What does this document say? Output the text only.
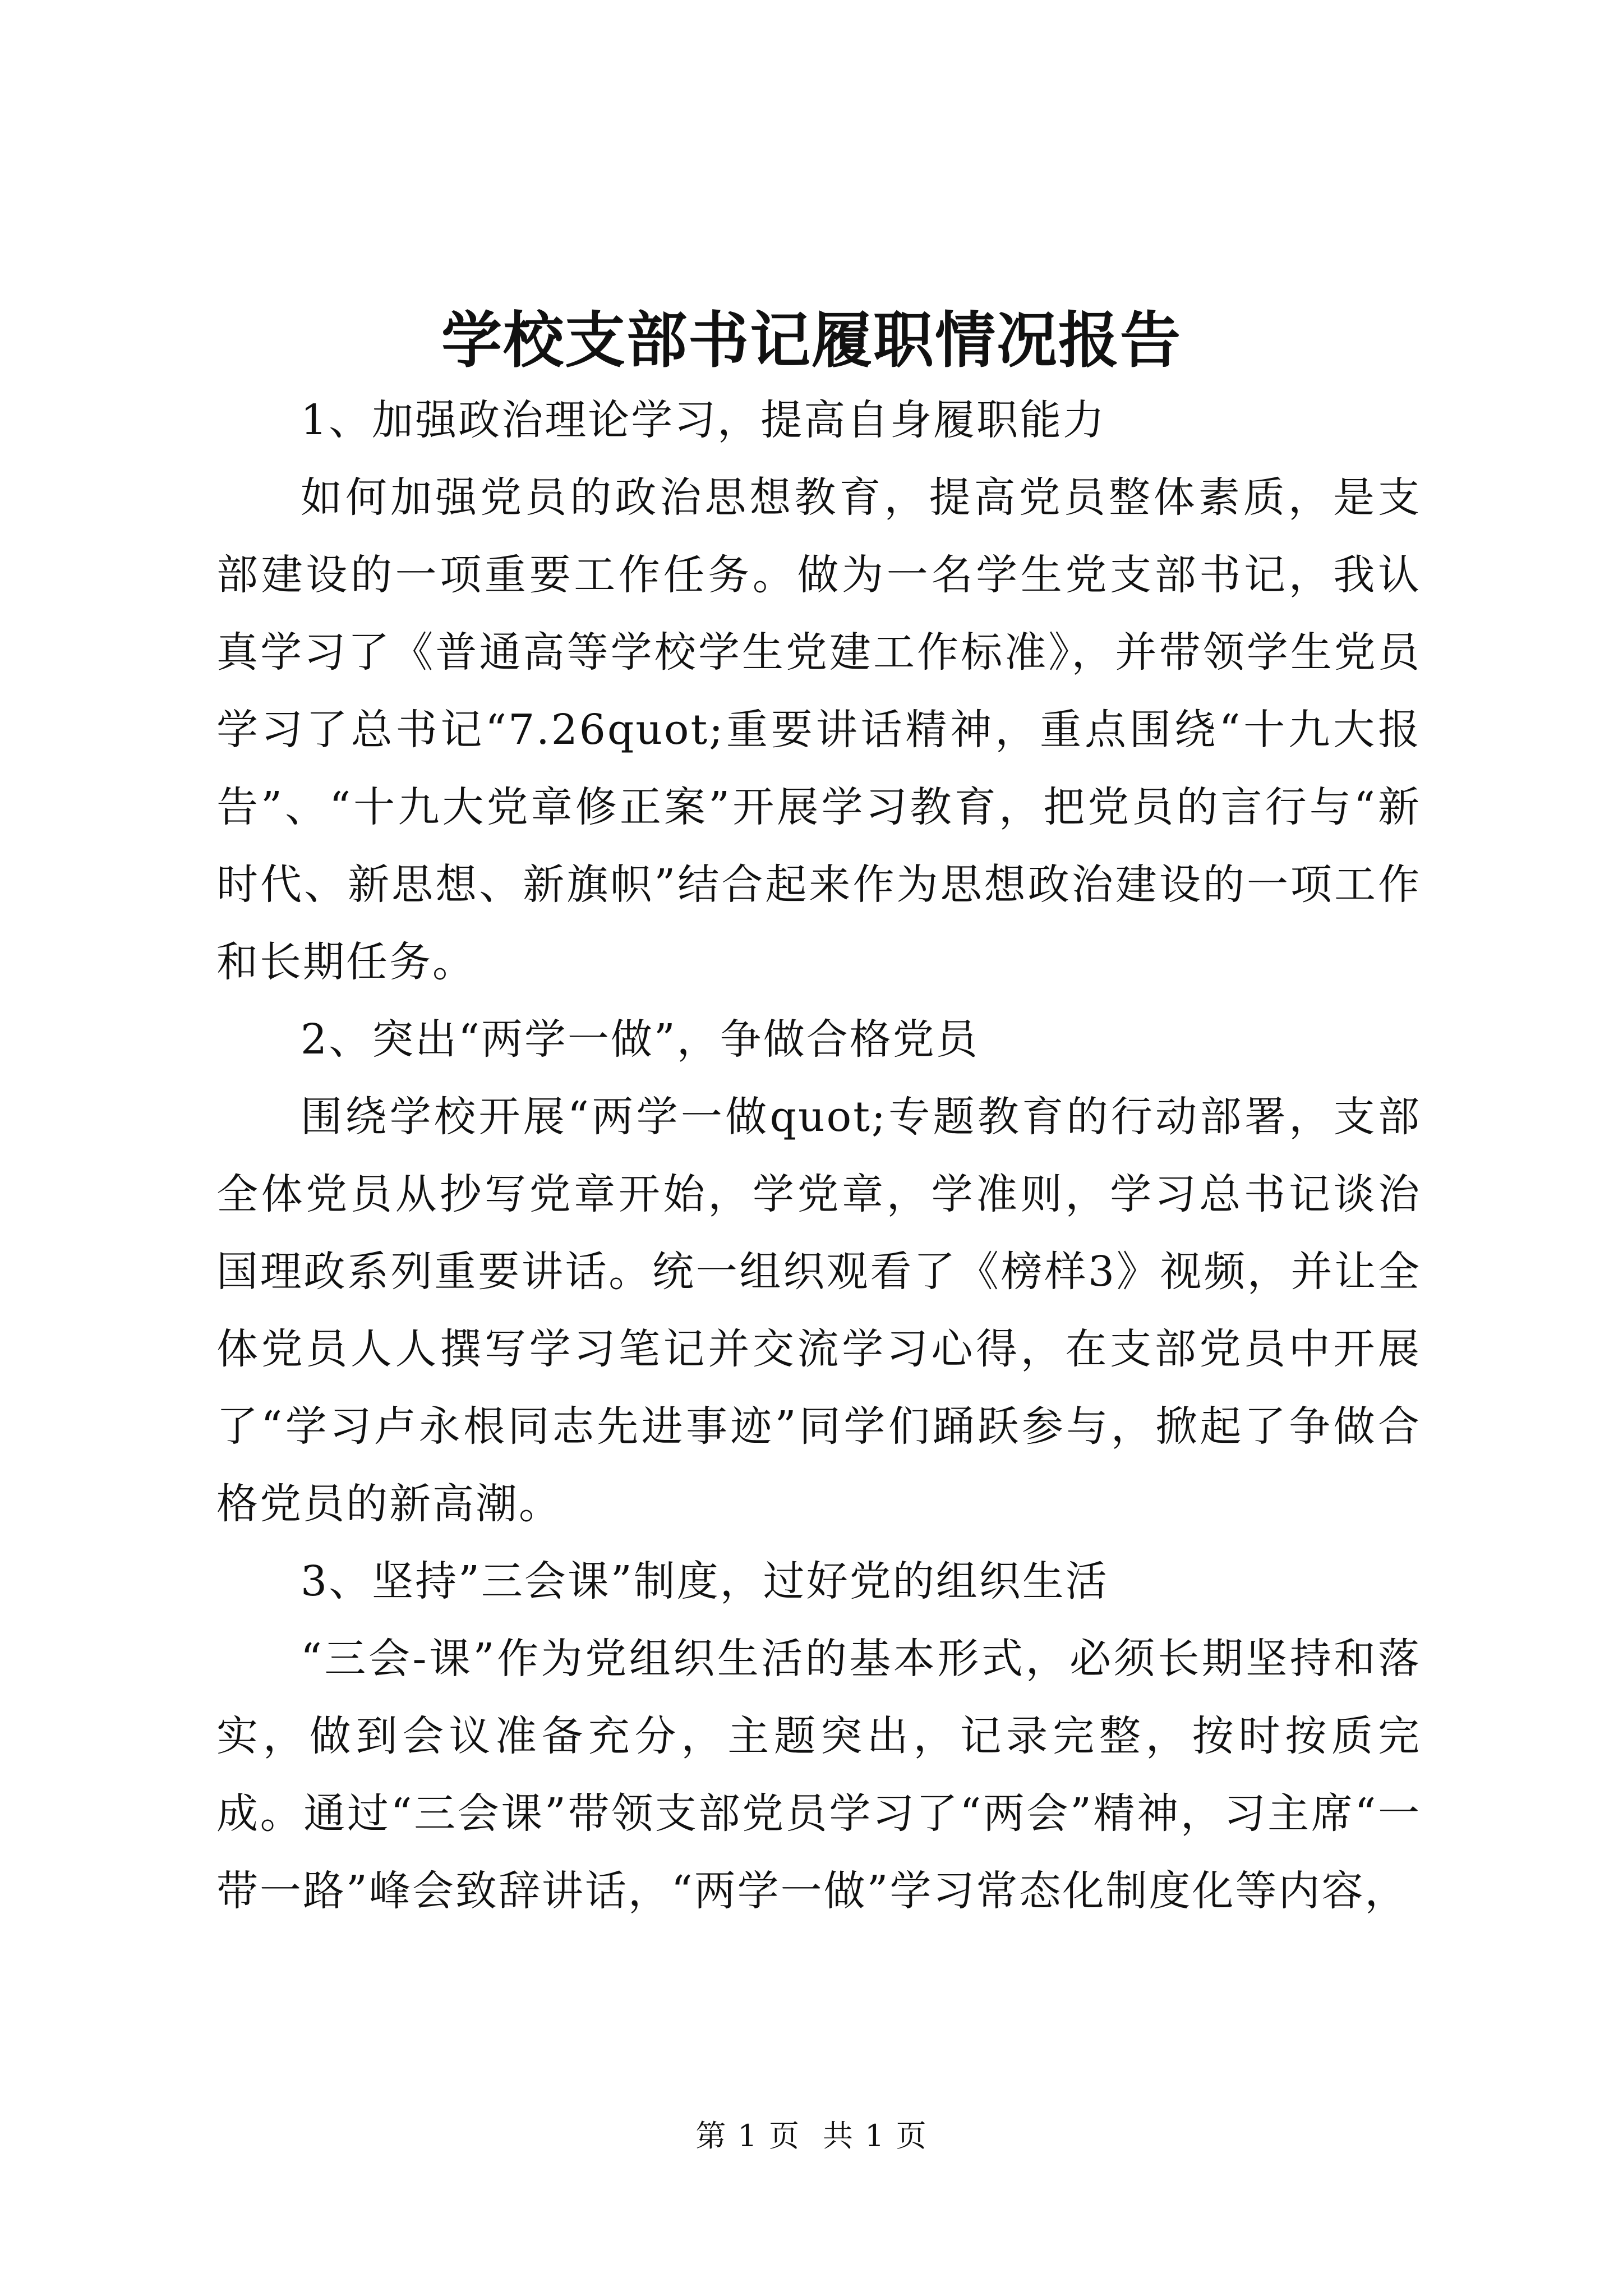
学校支部书记履职情况报告

1、加强政治理论学习，提高自身履职能力

如何加强党员的政治思想教育，提高党员整体素质，是支部建设的一项重要工作任务。做为一名学生党支部书记，我认真学习了《普通高等学校学生党建工作标准》，并带领学生党员学习了总书记“7.26quot;重要讲话精神，重点围绕“十九大报告”、“十九大党章修正案”开展学习教育，把党员的言行与“新时代、新思想、新旗帜”结合起来作为思想政治建设的一项工作和长期任务。

2、突出“两学一做”，争做合格党员

围绕学校开展“两学一做quot;专题教育的行动部署，支部全体党员从抄写党章开始，学党章，学准则，学习总书记谈治国理政系列重要讲话。统一组织观看了《榜样3》视频，并让全体党员人人撰写学习笔记并交流学习心得，在支部党员中开展了“学习卢永根同志先进事迹”同学们踊跃参与，掀起了争做合格党员的新高潮。

3、坚持”三会课”制度，过好党的组织生活

“三会-课”作为党组织生活的基本形式，必须长期坚持和落实，做到会议准备充分，主题突出，记录完整，按时按质完成。通过“三会课”带领支部党员学习了“两会”精神，习主席“一带一路”峰会致辞讲话，“两学一做”学习常态化制度化等内容，

第 1 页 共 1 页
